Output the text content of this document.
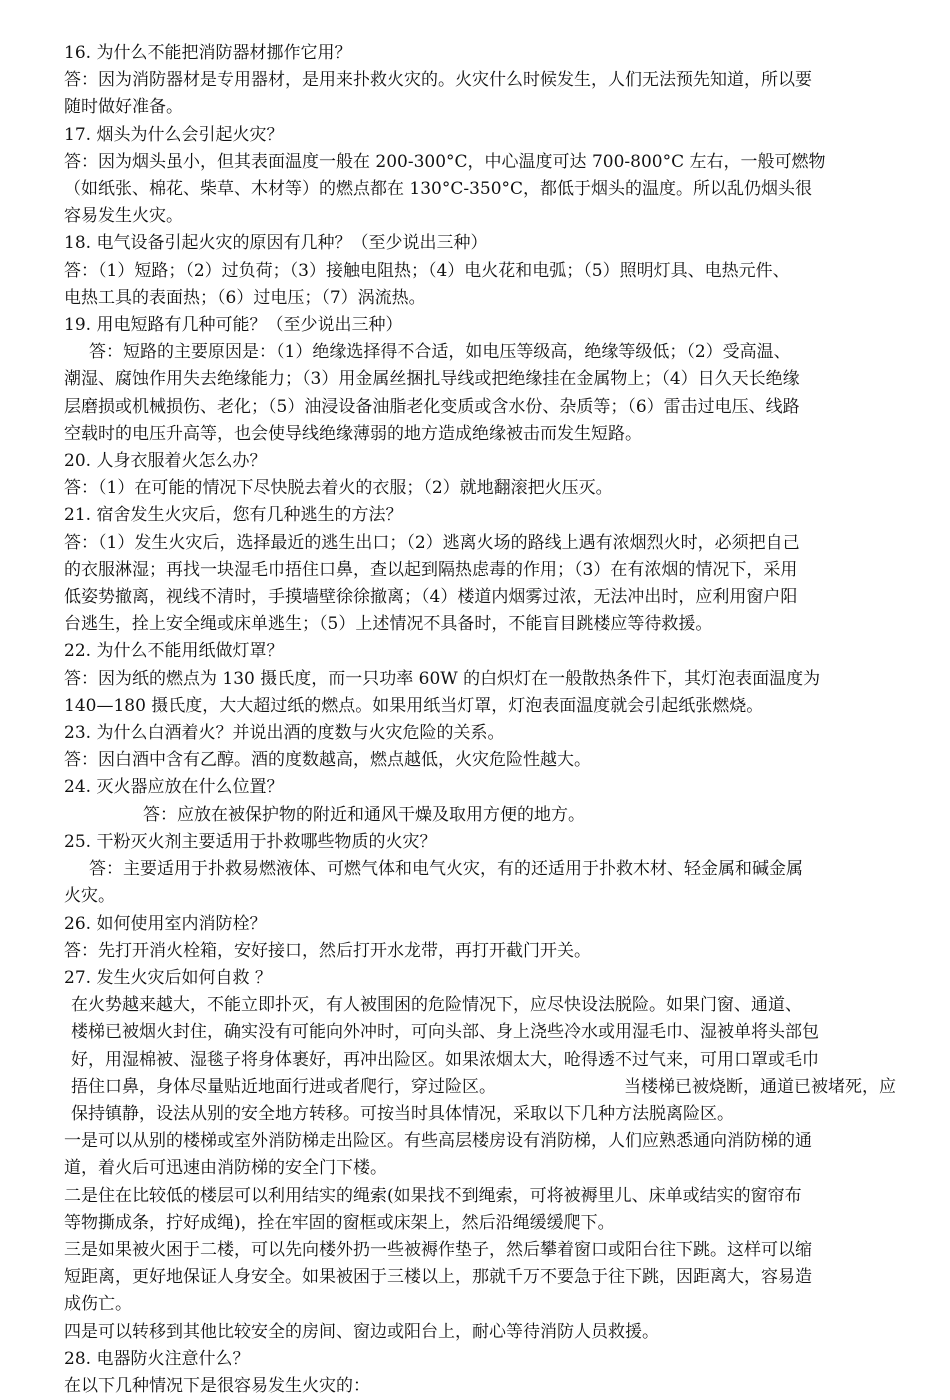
16. 为什么不能把消防器材挪作它用？
答：因为消防器材是专用器材，是用来扑救火灾的。火灾什么时候发生，人们无法预先知道，所以要
随时做好准备。
17. 烟头为什么会引起火灾？
答：因为烟头虽小，但其表面温度一般在 200-300°C，中心温度可达 700-800°C 左右，一般可燃物
（如纸张、棉花、柴草、木材等）的燃点都在 130°C-350°C，都低于烟头的温度。所以乱仍烟头很
容易发生火灾。
18. 电气设备引起火灾的原因有几种？（至少说出三种）
答：（1）短路；（2）过负荷；（3）接触电阻热；（4）电火花和电弧；（5）照明灯具、电热元件、
电热工具的表面热；（6）过电压；（7）涡流热。
19. 用电短路有几种可能？（至少说出三种）
答：短路的主要原因是：（1）绝缘选择得不合适，如电压等级高，绝缘等级低；（2）受高温、
潮湿、腐蚀作用失去绝缘能力；（3）用金属丝捆扎导线或把绝缘挂在金属物上；（4）日久天长绝缘
层磨损或机械损伤、老化；（5）油浸设备油脂老化变质或含水份、杂质等；（6）雷击过电压、线路
空载时的电压升高等，也会使导线绝缘薄弱的地方造成绝缘被击而发生短路。
20. 人身衣服着火怎么办？
答：（1）在可能的情况下尽快脱去着火的衣服；（2）就地翻滚把火压灭。
21. 宿舍发生火灾后，您有几种逃生的方法？
答：（1）发生火灾后，选择最近的逃生出口；（2）逃离火场的路线上遇有浓烟烈火时，必须把自己
的衣服淋湿；再找一块湿毛巾捂住口鼻，查以起到隔热虑毒的作用；（3）在有浓烟的情况下，采用
低姿势撤离，视线不清时，手摸墙壁徐徐撤离；（4）楼道内烟雾过浓，无法冲出时，应利用窗户阳
台逃生，拴上安全绳或床单逃生；（5）上述情况不具备时，不能盲目跳楼应等待救援。
22. 为什么不能用纸做灯罩？
答：因为纸的燃点为 130 摄氏度，而一只功率 60W 的白炽灯在一般散热条件下，其灯泡表面温度为
140—180 摄氏度，大大超过纸的燃点。如果用纸当灯罩，灯泡表面温度就会引起纸张燃烧。
23. 为什么白酒着火？并说出酒的度数与火灾危险的关系。
答：因白酒中含有乙醇。酒的度数越高，燃点越低，火灾危险性越大。
24. 灭火器应放在什么位置？
答：应放在被保护物的附近和通风干燥及取用方便的地方。
25. 干粉灭火剂主要适用于扑救哪些物质的火灾？
答：主要适用于扑救易燃液体、可燃气体和电气火灾，有的还适用于扑救木材、轻金属和碱金属
火灾。
26. 如何使用室内消防栓？
答：先打开消火栓箱，安好接口，然后打开水龙带，再打开截门开关。
27. 发生火灾后如何自救 ？
在火势越来越大，不能立即扑灭，有人被围困的危险情况下，应尽快设法脱险。如果门窗、通道、
楼梯已被烟火封住，确实没有可能向外冲时，可向头部、身上浇些冷水或用湿毛巾、湿被单将头部包
好，用湿棉被、湿毯子将身体裹好，再冲出险区。如果浓烟太大，呛得透不过气来，可用口罩或毛巾
捂住口鼻，身体尽量贴近地面行进或者爬行，穿过险区。	当楼梯已被烧断，通道已被堵死，应
保持镇静，设法从别的安全地方转移。可按当时具体情况，采取以下几种方法脱离险区。
一是可以从别的楼梯或室外消防梯走出险区。有些高层楼房设有消防梯，人们应熟悉通向消防梯的通
道，着火后可迅速由消防梯的安全门下楼。
二是住在比较低的楼层可以利用结实的绳索(如果找不到绳索，可将被褥里儿、床单或结实的窗帘布
等物撕成条，拧好成绳)，拴在牢固的窗框或床架上，然后沿绳缓缓爬下。
三是如果被火困于二楼，可以先向楼外扔一些被褥作垫子，然后攀着窗口或阳台往下跳。这样可以缩
短距离，更好地保证人身安全。如果被困于三楼以上，那就千万不要急于往下跳，因距离大，容易造
成伤亡。
四是可以转移到其他比较安全的房间、窗边或阳台上，耐心等待消防人员救援。
28. 电器防火注意什么？
在以下几种情况下是很容易发生火灾的：
